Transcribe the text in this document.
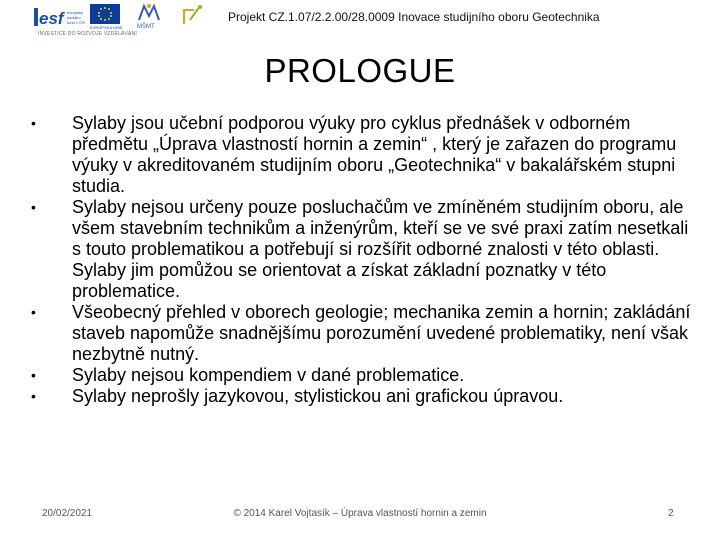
esf evropský
sociální
fond v ČR
EVROPSKÁ UNIE MŠMT
INVESTICE DO ROZVOJE VZDĚLÁVÁNÍ
Projekt CZ.1.07/2.2.00/28.0009 Inovace studijního oboru Geotechnika
PROLOGUE
• Sylaby jsou učební podporou výuky pro cyklus přednášek v odborném předmětu „Úprava vlastností hornin a zemin“ , který je zařazen do programu výuky v akreditovaném studijním oboru „Geotechnika“ v bakalářském stupni studia.
• Sylaby nejsou určeny pouze posluchačům ve zmíněném studijním oboru, ale všem stavebním technikům a inženýrům, kteří se ve své praxi zatím nesetkali s touto problematikou a potřebují si rozšířit odborné znalosti v této oblasti. Sylaby jim pomůžou se orientovat a získat základní poznatky v této problematice.
• Všeobecný přehled v oborech geologie; mechanika zemin a hornin; zakládání staveb napomůže snadnějšímu porozumění uvedené problematiky, není však nezbytně nutný.
• Sylaby nejsou kompendiem v dané problematice.
• Sylaby neprošly jazykovou, stylistickou ani grafickou úpravou.
20/02/2021	© 2014 Karel Vojtasík – Úprava vlastností hornin a zemin	2
